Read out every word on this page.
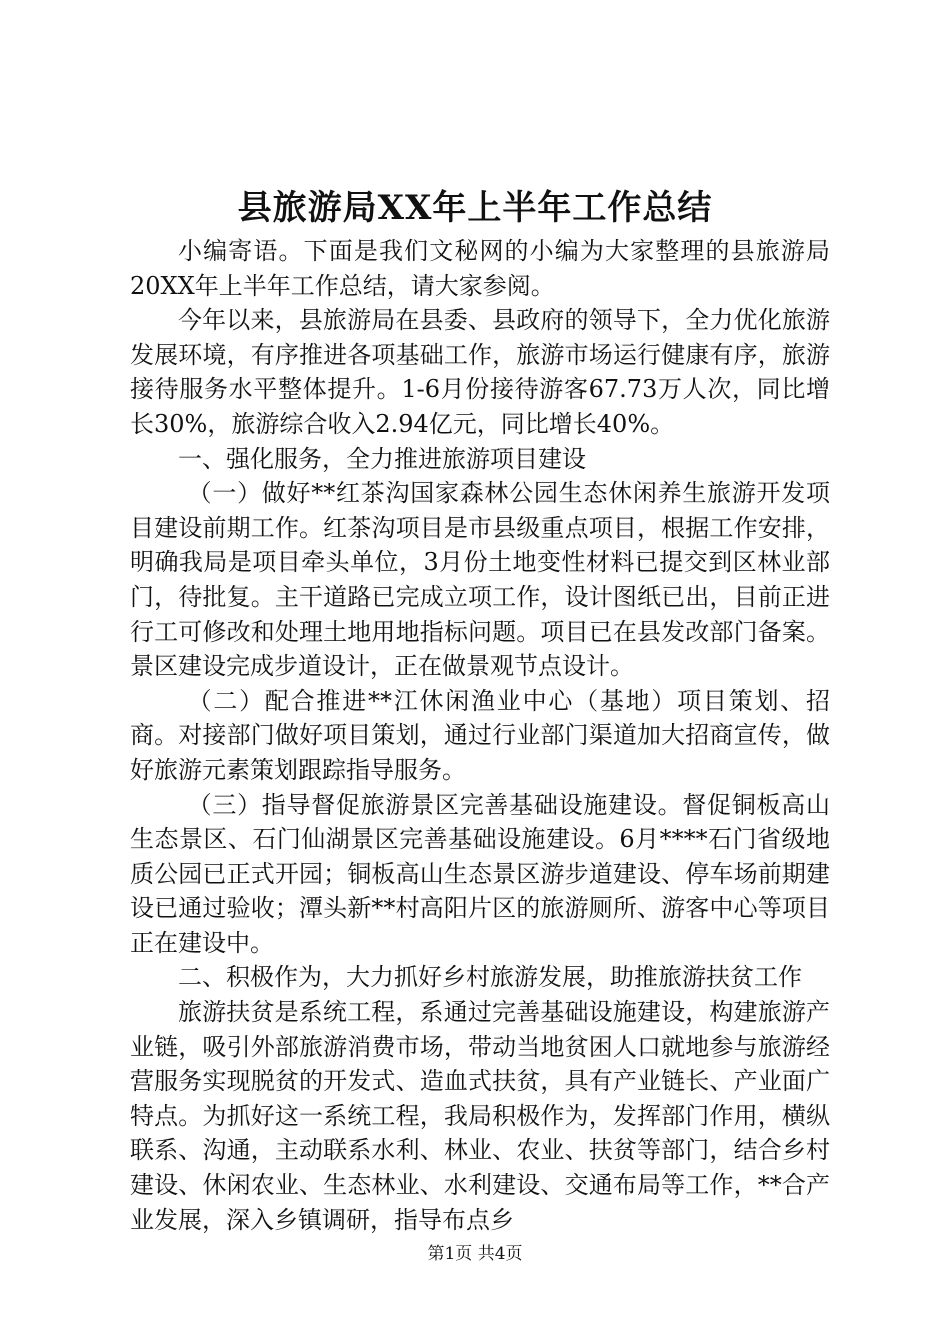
县旅游局XX年上半年工作总结

小编寄语。下面是我们文秘网的小编为大家整理的县旅游局20XX年上半年工作总结，请大家参阅。

今年以来，县旅游局在县委、县政府的领导下，全力优化旅游发展环境，有序推进各项基础工作，旅游市场运行健康有序，旅游接待服务水平整体提升。1-6月份接待游客67.73万人次，同比增长30%，旅游综合收入2.94亿元，同比增长40%。

一、强化服务，全力推进旅游项目建设

（一）做好**红茶沟国家森林公园生态休闲养生旅游开发项目建设前期工作。红茶沟项目是市县级重点项目，根据工作安排，明确我局是项目牵头单位，3月份土地变性材料已提交到区林业部门，待批复。主干道路已完成立项工作，设计图纸已出，目前正进行工可修改和处理土地用地指标问题。项目已在县发改部门备案。景区建设完成步道设计，正在做景观节点设计。

（二）配合推进**江休闲渔业中心（基地）项目策划、招商。对接部门做好项目策划，通过行业部门渠道加大招商宣传，做好旅游元素策划跟踪指导服务。

（三）指导督促旅游景区完善基础设施建设。督促铜板高山生态景区、石门仙湖景区完善基础设施建设。6月****石门省级地质公园已正式开园；铜板高山生态景区游步道建设、停车场前期建设已通过验收；潭头新**村高阳片区的旅游厕所、游客中心等项目正在建设中。

二、积极作为，大力抓好乡村旅游发展，助推旅游扶贫工作

旅游扶贫是系统工程，系通过完善基础设施建设，构建旅游产业链，吸引外部旅游消费市场，带动当地贫困人口就地参与旅游经营服务实现脱贫的开发式、造血式扶贫，具有产业链长、产业面广特点。为抓好这一系统工程，我局积极作为，发挥部门作用，横纵联系、沟通，主动联系水利、林业、农业、扶贫等部门，结合乡村建设、休闲农业、生态林业、水利建设、交通布局等工作，**合产业发展，深入乡镇调研，指导布点乡

第1页 共4页
